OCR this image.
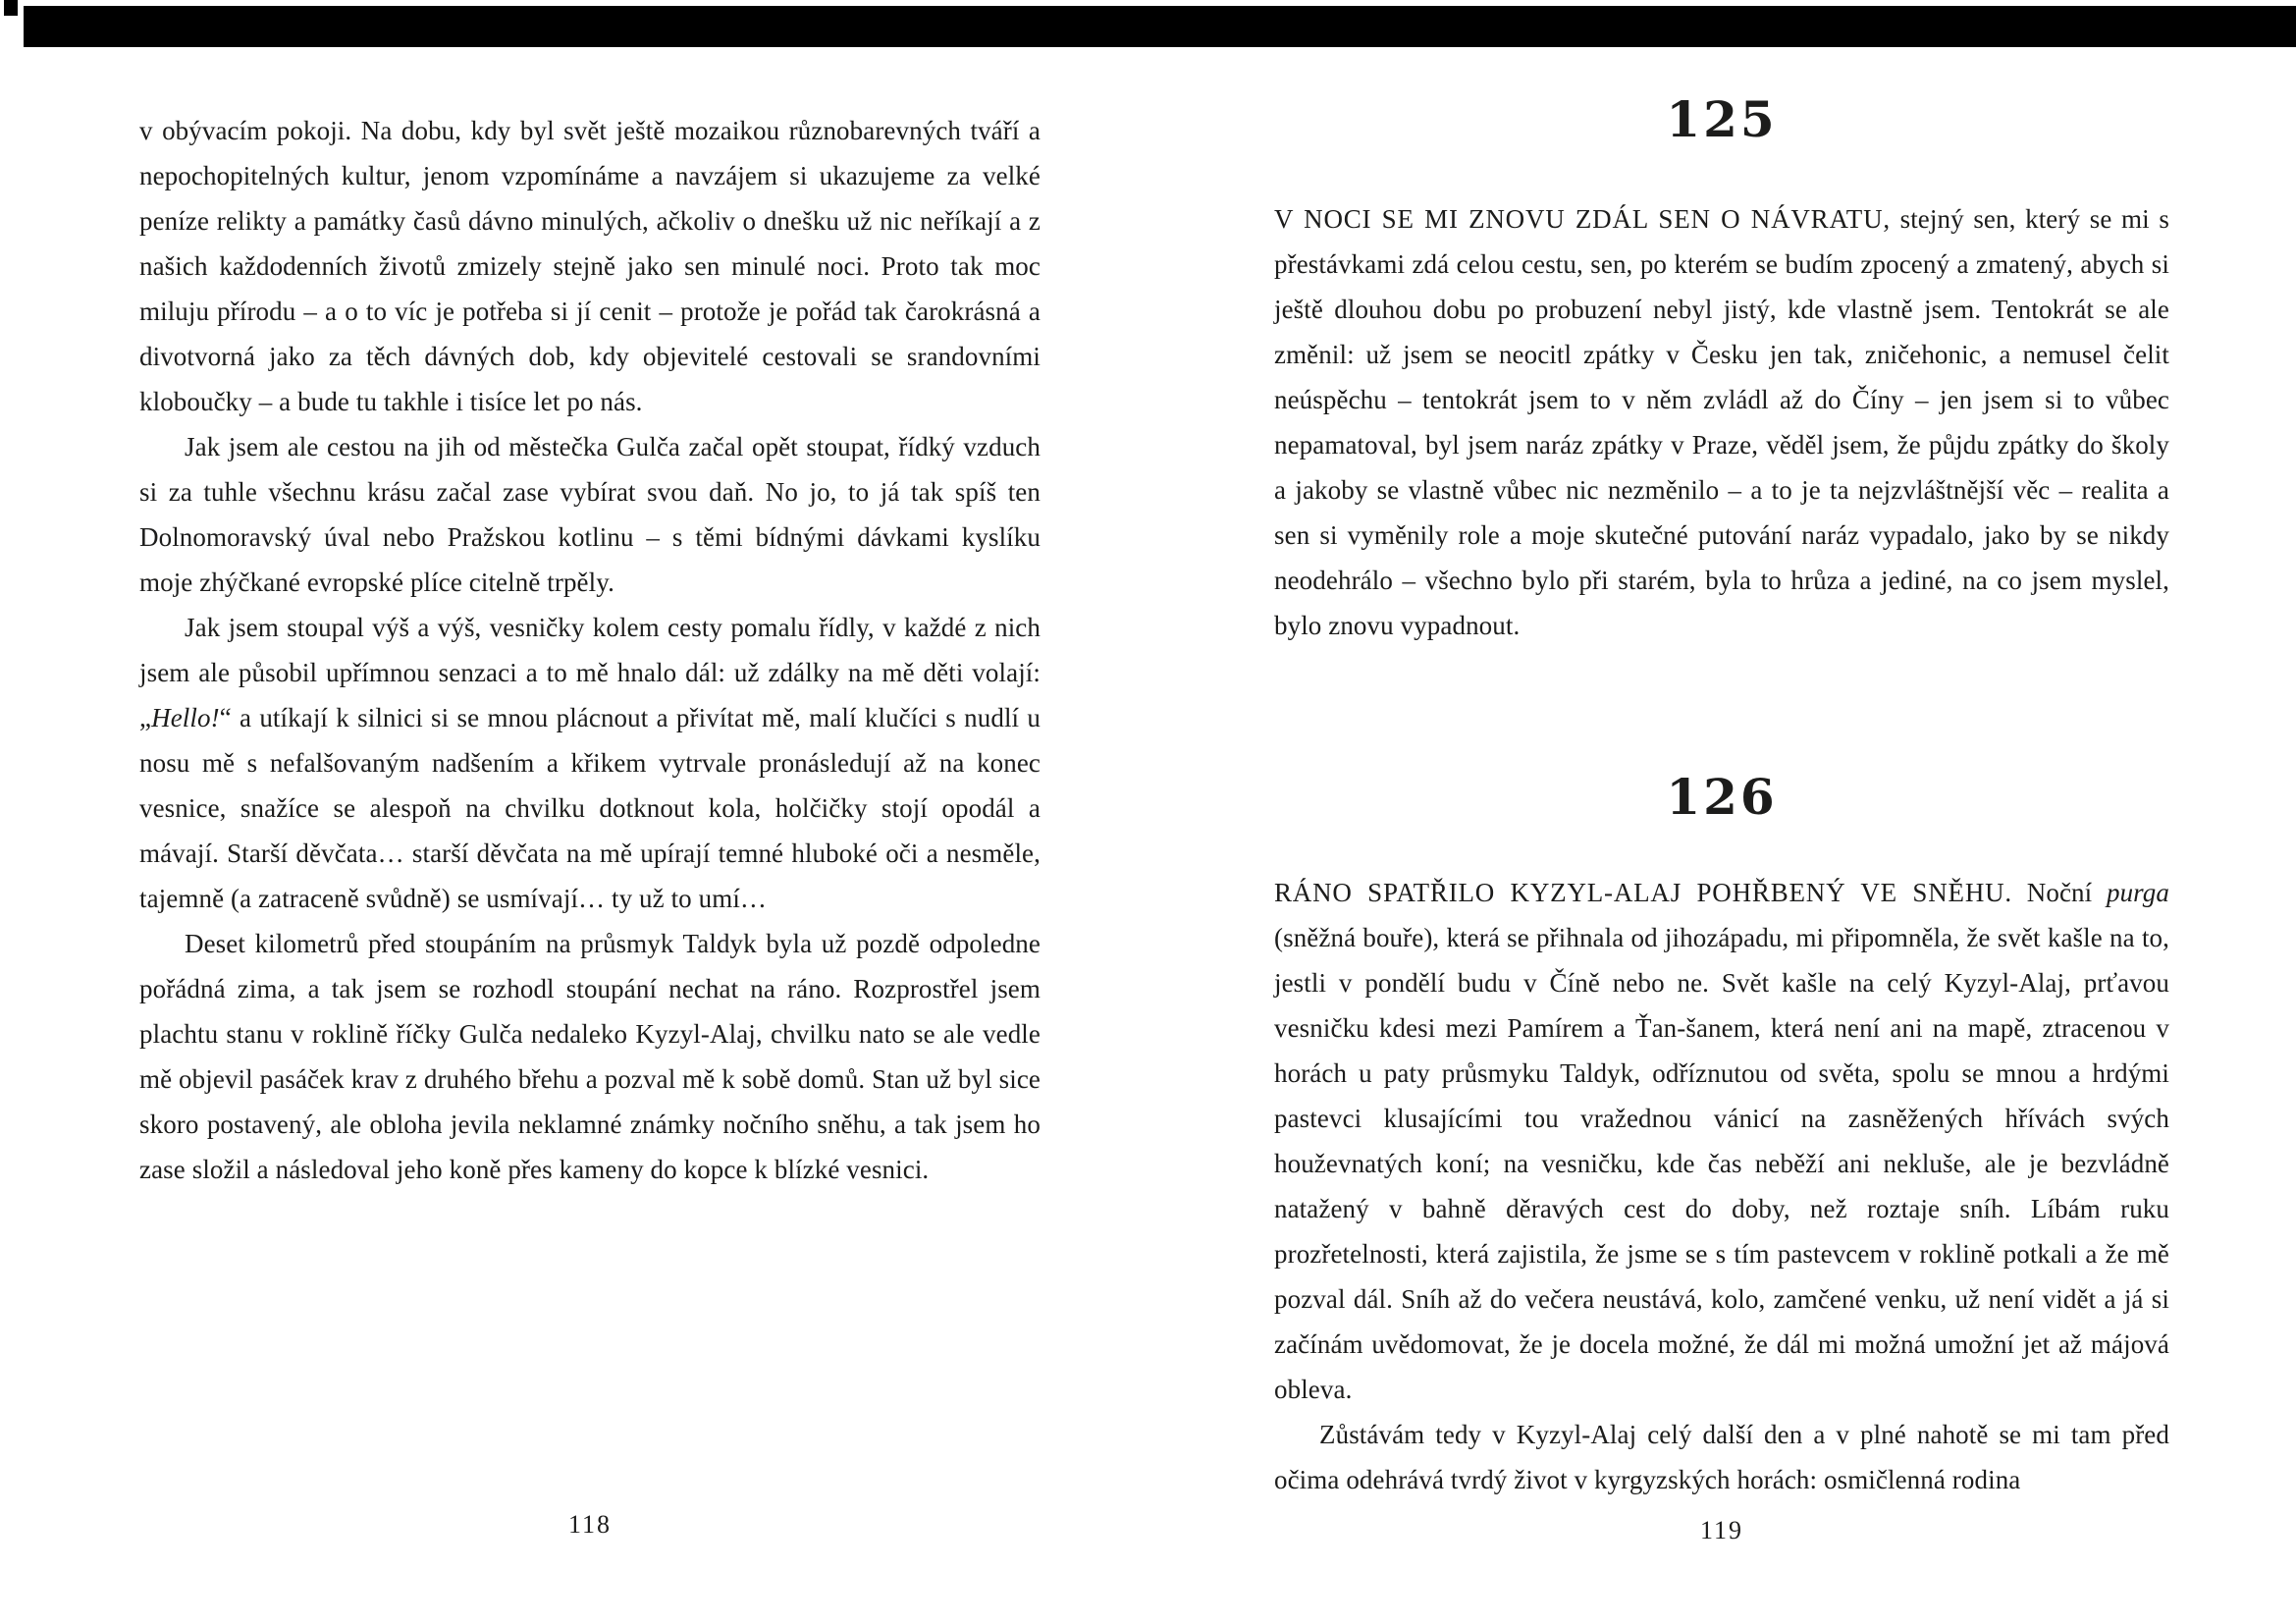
v obývacím pokoji. Na dobu, kdy byl svět ještě mozaikou různobarevných tváří a nepochopitelných kultur, jenom vzpomínáme a navzájem si ukazujeme za velké peníze relikty a památky časů dávno minulých, ačkoliv o dnešku už nic neříkají a z našich každodenních životů zmizely stejně jako sen minulé noci. Proto tak moc miluju přírodu – a o to víc je potřeba si jí cenit – protože je pořád tak čarokrásná a divotvorná jako za těch dávných dob, kdy objevitelé cestovali se srandovními kloboučky – a bude tu takhle i tisíce let po nás.

Jak jsem ale cestou na jih od městečka Gulča začal opět stoupat, řídký vzduch si za tuhle všechnu krásu začal zase vybírat svou daň. No jo, to já tak spíš ten Dolnomoravský úval nebo Pražskou kotlinu – s těmi bídnými dávkami kyslíku moje zhýčkané evropské plíce citelně trpěly.

Jak jsem stoupal výš a výš, vesničky kolem cesty pomalu řídly, v každé z nich jsem ale působil upřímnou senzaci a to mě hnalo dál: už zdálky na mě děti volají: „Hello!“ a utíkají k silnici si se mnou plácnout a přivítat mě, malí klučíci s nudlí u nosu mě s nefalšovaným nadšením a křikem vytrvale pronásledují až na konec vesnice, snažíce se alespoň na chvilku dotknout kola, holčičky stojí opodál a mávají. Starší děvčata… starší děvčata na mě upírají temné hluboké oči a nesměle, tajemně (a zatraceně svůdně) se usmívají… ty už to umí…

Deset kilometrů před stoupáním na průsmyk Taldyk byla už pozdě odpoledne pořádná zima, a tak jsem se rozhodl stoupání nechat na ráno. Rozprostřel jsem plachtu stanu v roklině říčky Gulča nedaleko Kyzyl-Alaj, chvilku nato se ale vedle mě objevil pasáček krav z druhého břehu a pozval mě k sobě domů. Stan už byl sice skoro postavený, ale obloha jevila neklamné známky nočního sněhu, a tak jsem ho zase složil a následoval jeho koně přes kameny do kopce k blízké vesnici.

118
125

V NOCI SE MI ZNOVU ZDÁL SEN O NÁVRATU, stejný sen, který se mi s přestávkami zdá celou cestu, sen, po kterém se budím zpocený a zmatený, abych si ještě dlouhou dobu po probuzení nebyl jistý, kde vlastně jsem. Tentokrát se ale změnil: už jsem se neocitl zpátky v Česku jen tak, zničehonic, a nemusel čelit neúspěchu – tentokrát jsem to v něm zvládl až do Číny – jen jsem si to vůbec nepamatoval, byl jsem naráz zpátky v Praze, věděl jsem, že půjdu zpátky do školy a jakoby se vlastně vůbec nic nezměnilo – a to je ta nejzvláštnější věc – realita a sen si vyměnily role a moje skutečné putování naráz vypadalo, jako by se nikdy neodehrálo – všechno bylo při starém, byla to hrůza a jediné, na co jsem myslel, bylo znovu vypadnout.

126

RÁNO SPATŘILO KYZYL-ALAJ POHŘBENÝ VE SNĚHU. Noční purga (sněžná bouře), která se přihnala od jihozápadu, mi připomněla, že svět kašle na to, jestli v pondělí budu v Číně nebo ne. Svět kašle na celý Kyzyl-Alaj, prťavou vesničku kdesi mezi Pamírem a Ťan-šanem, která není ani na mapě, ztracenou v horách u paty průsmyku Taldyk, odříznutou od světa, spolu se mnou a hrdými pastevci klusajícími tou vražednou vánicí na zasněžených hřívách svých houževnatých koní; na vesničku, kde čas neběží ani nekluše, ale je bezvládně natažený v bahně děravých cest do doby, než roztaje sníh. Líbám ruku prozřetelnosti, která zajistila, že jsme se s tím pastevcem v roklině potkali a že mě pozval dál. Sníh až do večera neustává, kolo, zamčené venku, už není vidět a já si začínám uvědomovat, že je docela možné, že dál mi možná umožní jet až májová obleva.

Zůstávám tedy v Kyzyl-Alaj celý další den a v plné nahotě se mi tam před očima odehrává tvrdý život v kyrgyzských horách: osmičlenná rodina

119
